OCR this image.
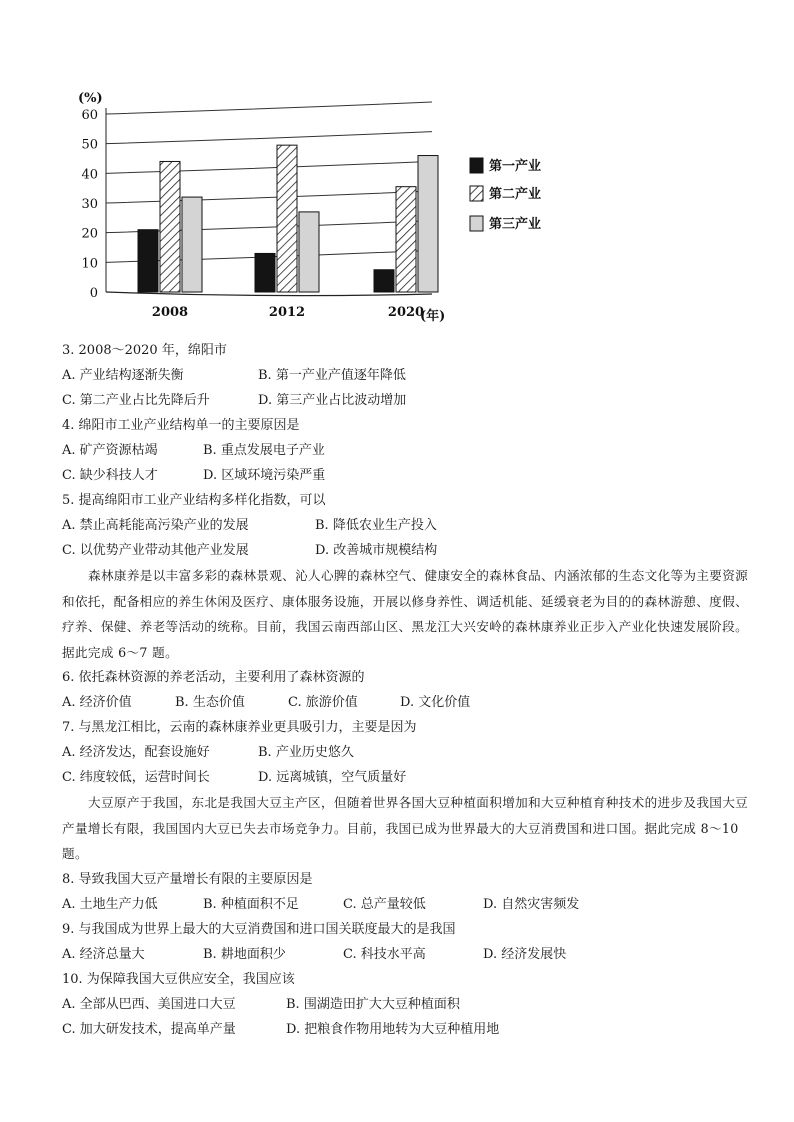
0
10
20
30
40
50
60
(%)
2008	2012	2020
(年)
第一产业
第二产业
第三产业
3. 2008～2020 年，绵阳市
A. 产业结构逐渐失衡	B. 第一产业产值逐年降低
C. 第二产业占比先降后升	D. 第三产业占比波动增加
4. 绵阳市工业产业结构单一的主要原因是
A. 矿产资源枯竭	B. 重点发展电子产业
C. 缺少科技人才	D. 区域环境污染严重
5. 提高绵阳市工业产业结构多样化指数，可以
A. 禁止高耗能高污染产业的发展	B. 降低农业生产投入
C. 以优势产业带动其他产业发展	D. 改善城市规模结构
森林康养是以丰富多彩的森林景观、沁人心脾的森林空气、健康安全的森林食品、内涵浓郁的生态文化等为主要资源和依托，配备相应的养生休闲及医疗、康体服务设施，开展以修身养性、调适机能、延缓衰老为目的的森林游憩、度假、疗养、保健、养老等活动的统称。目前，我国云南西部山区、黑龙江大兴安岭的森林康养业正步入产业化快速发展阶段。据此完成 6～7 题。
6. 依托森林资源的养老活动，主要利用了森林资源的
A. 经济价值	B. 生态价值	C. 旅游价值	D. 文化价值
7. 与黑龙江相比，云南的森林康养业更具吸引力，主要是因为
A. 经济发达，配套设施好	B. 产业历史悠久
C. 纬度较低，运营时间长	D. 远离城镇，空气质量好
大豆原产于我国，东北是我国大豆主产区，但随着世界各国大豆种植面积增加和大豆种植育种技术的进步及我国大豆产量增长有限，我国国内大豆已失去市场竞争力。目前，我国已成为世界最大的大豆消费国和进口国。据此完成 8～10 题。
8. 导致我国大豆产量增长有限的主要原因是
A. 土地生产力低	B. 种植面积不足	C. 总产量较低	D. 自然灾害频发
9. 与我国成为世界上最大的大豆消费国和进口国关联度最大的是我国
A. 经济总量大	B. 耕地面积少	C. 科技水平高	D. 经济发展快
10. 为保障我国大豆供应安全，我国应该
A. 全部从巴西、美国进口大豆	B. 围湖造田扩大大豆种植面积
C. 加大研发技术，提高单产量	D. 把粮食作物用地转为大豆种植用地
